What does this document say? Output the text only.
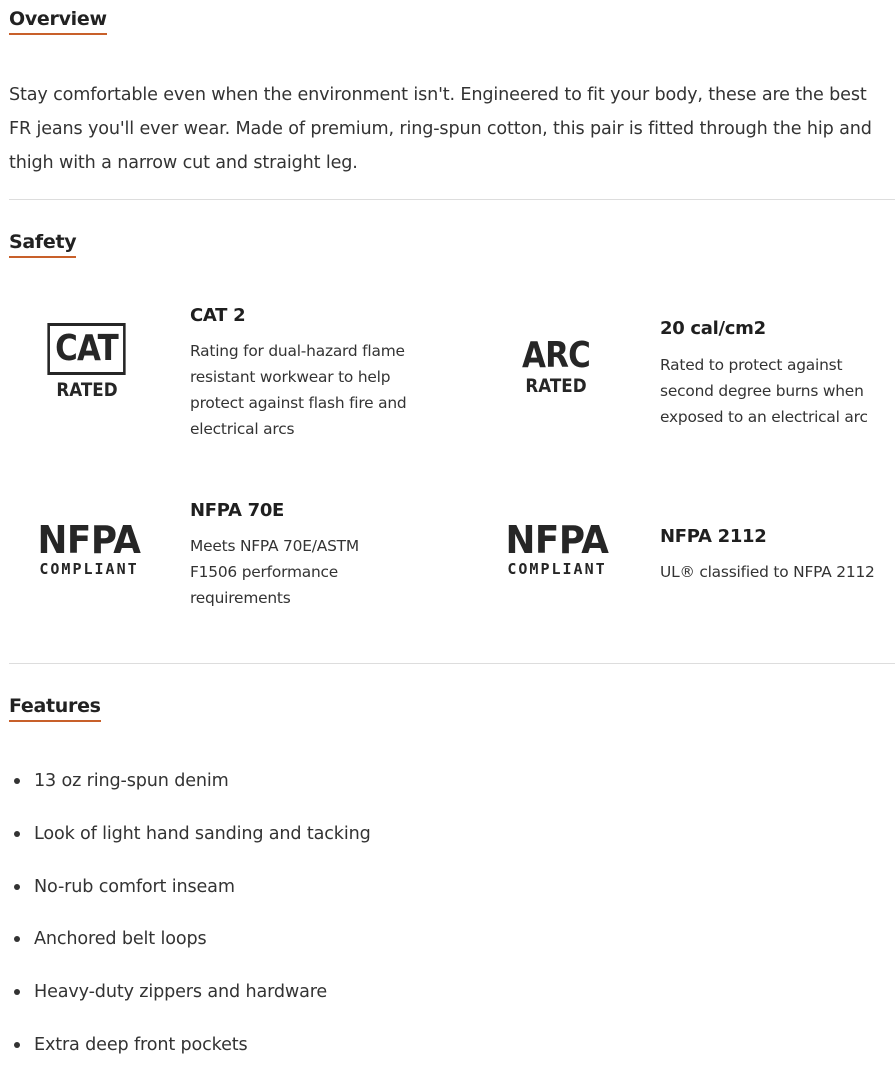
Overview

Stay comfortable even when the environment isn't. Engineered to fit your body, these are the best FR jeans you'll ever wear. Made of premium, ring-spun cotton, this pair is fitted through the hip and thigh with a narrow cut and straight leg.

Safety
CAT
RATED
CAT 2

Rating for dual-hazard flame resistant workwear to help protect against flash fire and electrical arcs

ARC
RATED
20 cal/cm2

Rated to protect against second degree burns when exposed to an electrical arc

NFPA
COMPLIANT
NFPA 70E

Meets NFPA 70E/ASTM F1506 performance requirements

NFPA
COMPLIANT
NFPA 2112

UL® classified to NFPA 2112

Features
13 oz ring-spun denim
Look of light hand sanding and tacking
No-rub comfort inseam
Anchored belt loops
Heavy-duty zippers and hardware
Extra deep front pockets
